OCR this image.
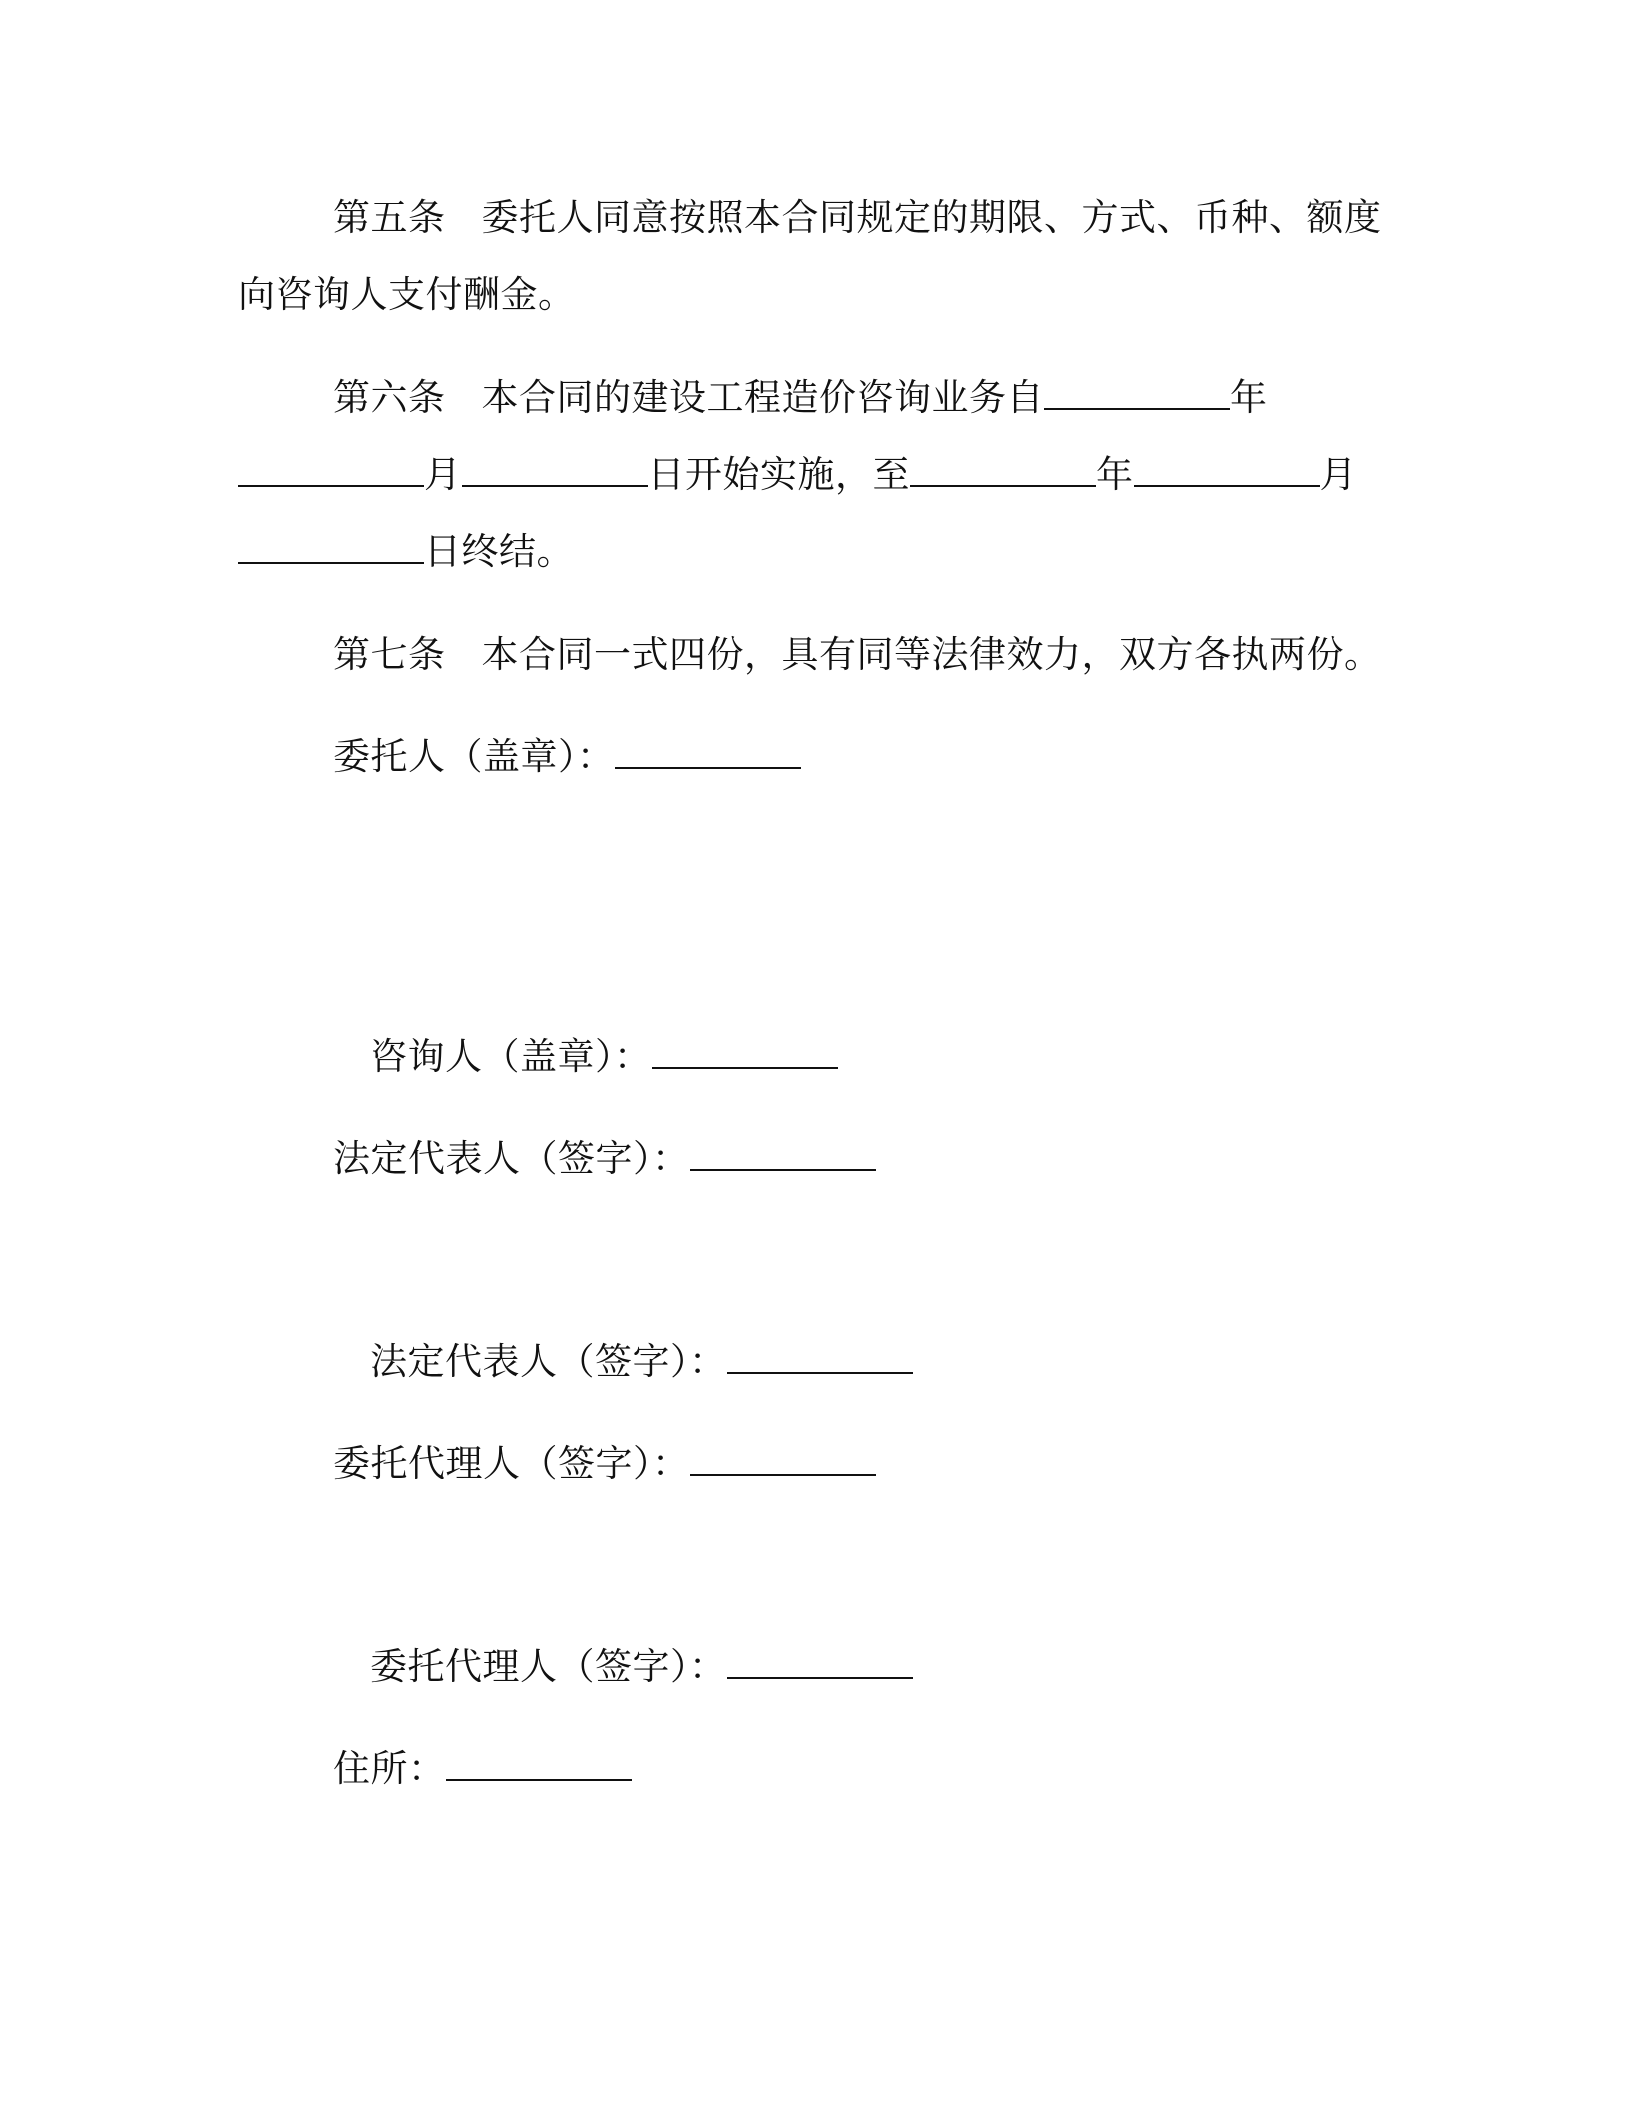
第五条 委托人同意按照本合同规定的期限、方式、币种、额度
向咨询人支付酬金。
第六条 本合同的建设工程造价咨询业务自	年
月	日开始实施，至	年	月
日终结。
第七条 本合同一式四份，具有同等法律效力，双方各执两份。
委托人（盖章）：
咨询人（盖章）：
法定代表人（签字）：
法定代表人（签字）：
委托代理人（签字）：
委托代理人（签字）：
住所：
